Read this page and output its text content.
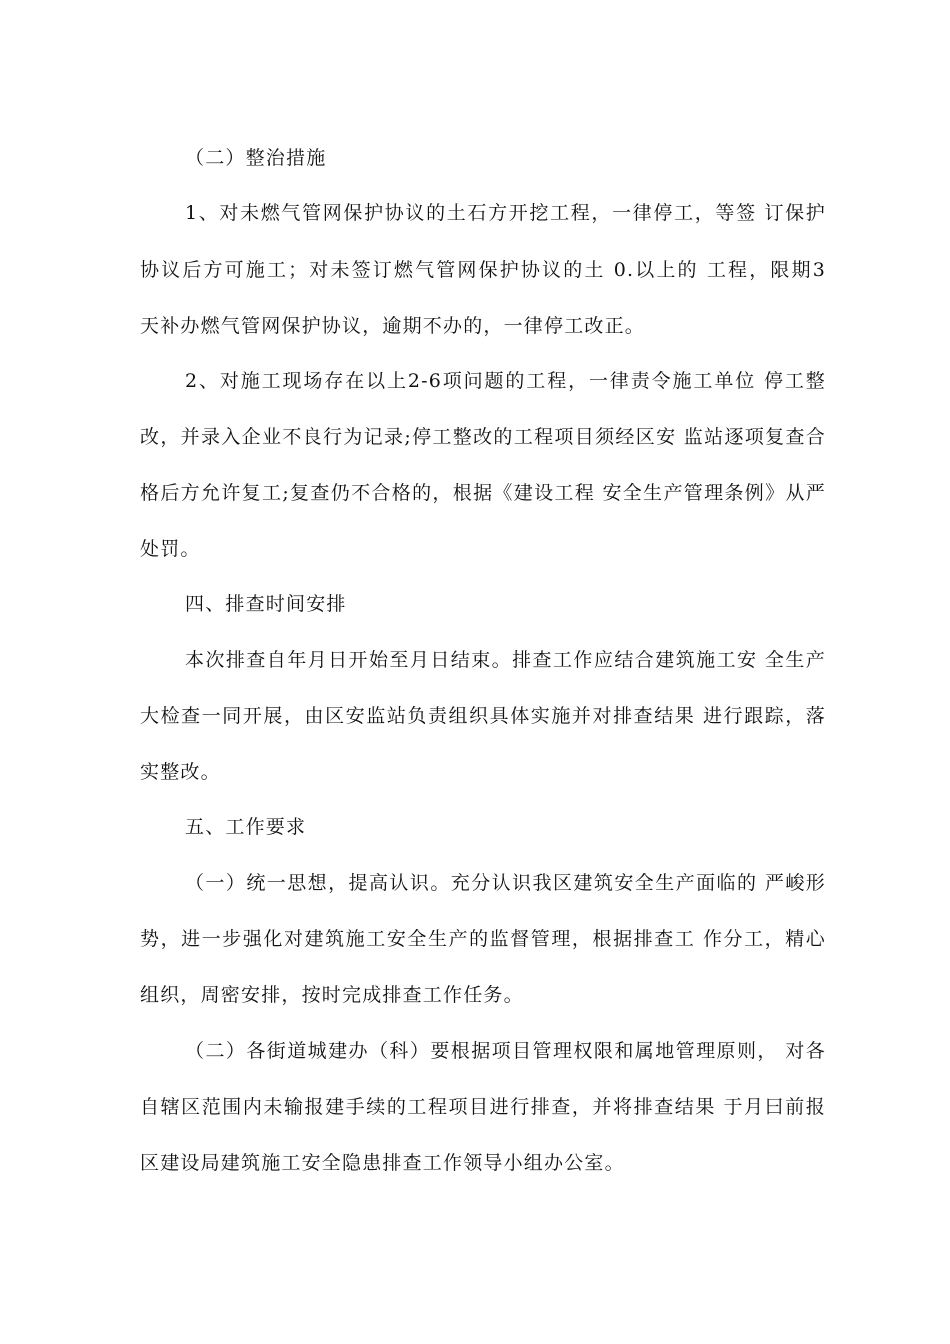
（二）整治措施
1、对未燃气管网保护协议的土石方开挖工程，一律停工，等签 订保护
协议后方可施工；对未签订燃气管网保护协议的土 0.以上的 工程，限期3
天补办燃气管网保护协议，逾期不办的，一律停工改正。
2、对施工现场存在以上2-6项问题的工程，一律责令施工单位 停工整
改，并录入企业不良行为记录;停工整改的工程项目须经区安 监站逐项复查合
格后方允许复工;复查仍不合格的，根据《建设工程 安全生产管理条例》从严
处罚。
四、排查时间安排
本次排查自年月日开始至月日结束。排查工作应结合建筑施工安 全生产
大检查一同开展，由区安监站负责组织具体实施并对排查结果 进行跟踪，落
实整改。
五、工作要求
（一）统一思想，提高认识。充分认识我区建筑安全生产面临的 严峻形
势，进一步强化对建筑施工安全生产的监督管理，根据排查工 作分工，精心
组织，周密安排，按时完成排查工作任务。
（二）各街道城建办（科）要根据项目管理权限和属地管理原则， 对各
自辖区范围内未输报建手续的工程项目进行排查，并将排查结果 于月曰前报
区建设局建筑施工安全隐患排查工作领导小组办公室。
